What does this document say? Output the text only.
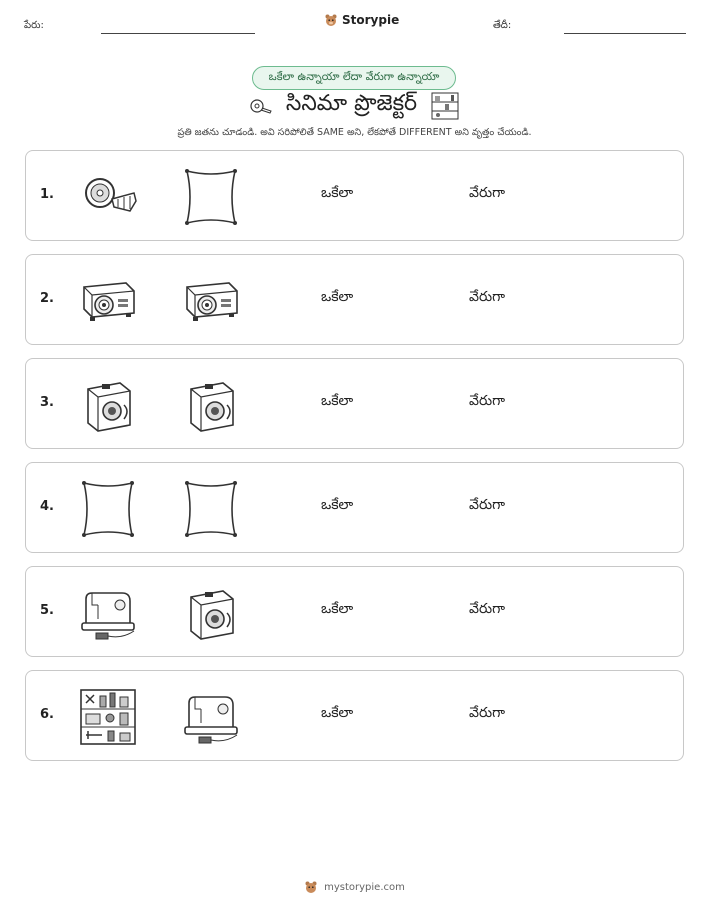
పేరు:	Storypie	తేదీ:
ఒకేలా ఉన్నాయా లేదా వేరుగా ఉన్నాయా
సినిమా ప్రొజెక్టర్
ప్రతి జతను చూడండి. అవి సరిపోలితే SAME అని, లేకపోతే DIFFERENT అని వృత్తం చేయండి.
1.	ఒకేలా	వేరుగా
2.	ఒకేలా	వేరుగా
3.	ఒకేలా	వేరుగా
4.	ఒకేలా	వేరుగా
5.	ఒకేలా	వేరుగా
6.	ఒకేలా	వేరుగా
mystorypie.com
